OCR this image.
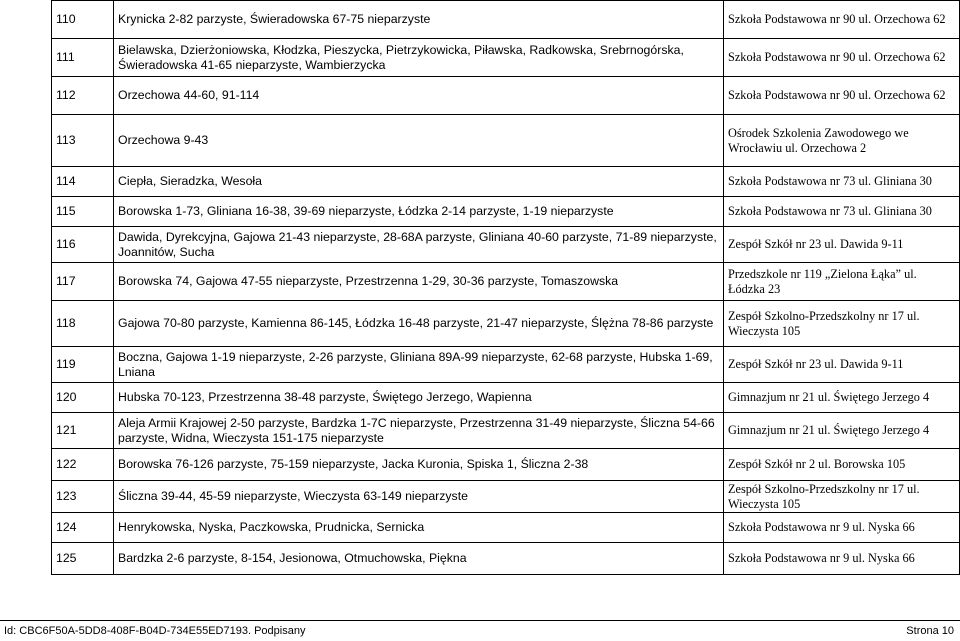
110	Krynicka 2-82 parzyste, Świeradowska 67-75 nieparzyste	Szkoła Podstawowa nr 90 ul. Orzechowa 62
111	Bielawska, Dzierżoniowska, Kłodzka, Pieszycka, Pietrzykowicka, Piławska, Radkowska, Srebrnogórska, Świeradowska 41-65 nieparzyste, Wambierzycka	Szkoła Podstawowa nr 90 ul. Orzechowa 62
112	Orzechowa 44-60, 91-114	Szkoła Podstawowa nr 90 ul. Orzechowa 62
113	Orzechowa 9-43	Ośrodek Szkolenia Zawodowego we Wrocławiu ul. Orzechowa 2
114	Ciepła, Sieradzka, Wesoła	Szkoła Podstawowa nr 73 ul. Gliniana 30
115	Borowska 1-73, Gliniana 16-38, 39-69 nieparzyste, Łódzka 2-14 parzyste, 1-19 nieparzyste	Szkoła Podstawowa nr 73 ul. Gliniana 30
116	Dawida, Dyrekcyjna, Gajowa 21-43 nieparzyste, 28-68A parzyste, Gliniana 40-60 parzyste, 71-89 nieparzyste, Joannitów, Sucha	Zespół Szkół nr 23 ul. Dawida 9-11
117	Borowska 74, Gajowa 47-55 nieparzyste, Przestrzenna 1-29, 30-36 parzyste, Tomaszowska	Przedszkole nr 119 „Zielona Łąka” ul. Łódzka 23
118	Gajowa 70-80 parzyste, Kamienna 86-145, Łódzka 16-48 parzyste, 21-47 nieparzyste, Ślężna 78-86 parzyste	Zespół Szkolno-Przedszkolny nr 17 ul. Wieczysta 105
119	Boczna, Gajowa 1-19 nieparzyste, 2-26 parzyste, Gliniana 89A-99 nieparzyste, 62-68 parzyste, Hubska 1-69, Lniana	Zespół Szkół nr 23 ul. Dawida 9-11
120	Hubska 70-123, Przestrzenna 38-48 parzyste, Świętego Jerzego, Wapienna	Gimnazjum nr 21 ul. Świętego Jerzego 4
121	Aleja Armii Krajowej 2-50 parzyste, Bardzka 1-7C nieparzyste, Przestrzenna 31-49 nieparzyste, Śliczna 54-66 parzyste, Widna, Wieczysta 151-175 nieparzyste	Gimnazjum nr 21 ul. Świętego Jerzego 4
122	Borowska 76-126 parzyste, 75-159 nieparzyste, Jacka Kuronia, Spiska 1, Śliczna 2-38	Zespół Szkół nr 2 ul. Borowska 105
123	Śliczna 39-44, 45-59 nieparzyste, Wieczysta 63-149 nieparzyste	Zespół Szkolno-Przedszkolny nr 17 ul. Wieczysta 105
124	Henrykowska, Nyska, Paczkowska, Prudnicka, Sernicka	Szkoła Podstawowa nr 9 ul. Nyska 66
125	Bardzka 2-6 parzyste, 8-154, Jesionowa, Otmuchowska, Piękna	Szkoła Podstawowa nr 9 ul. Nyska 66
Id: CBC6F50A-5DD8-408F-B04D-734E55ED7193. Podpisany	Strona 10
